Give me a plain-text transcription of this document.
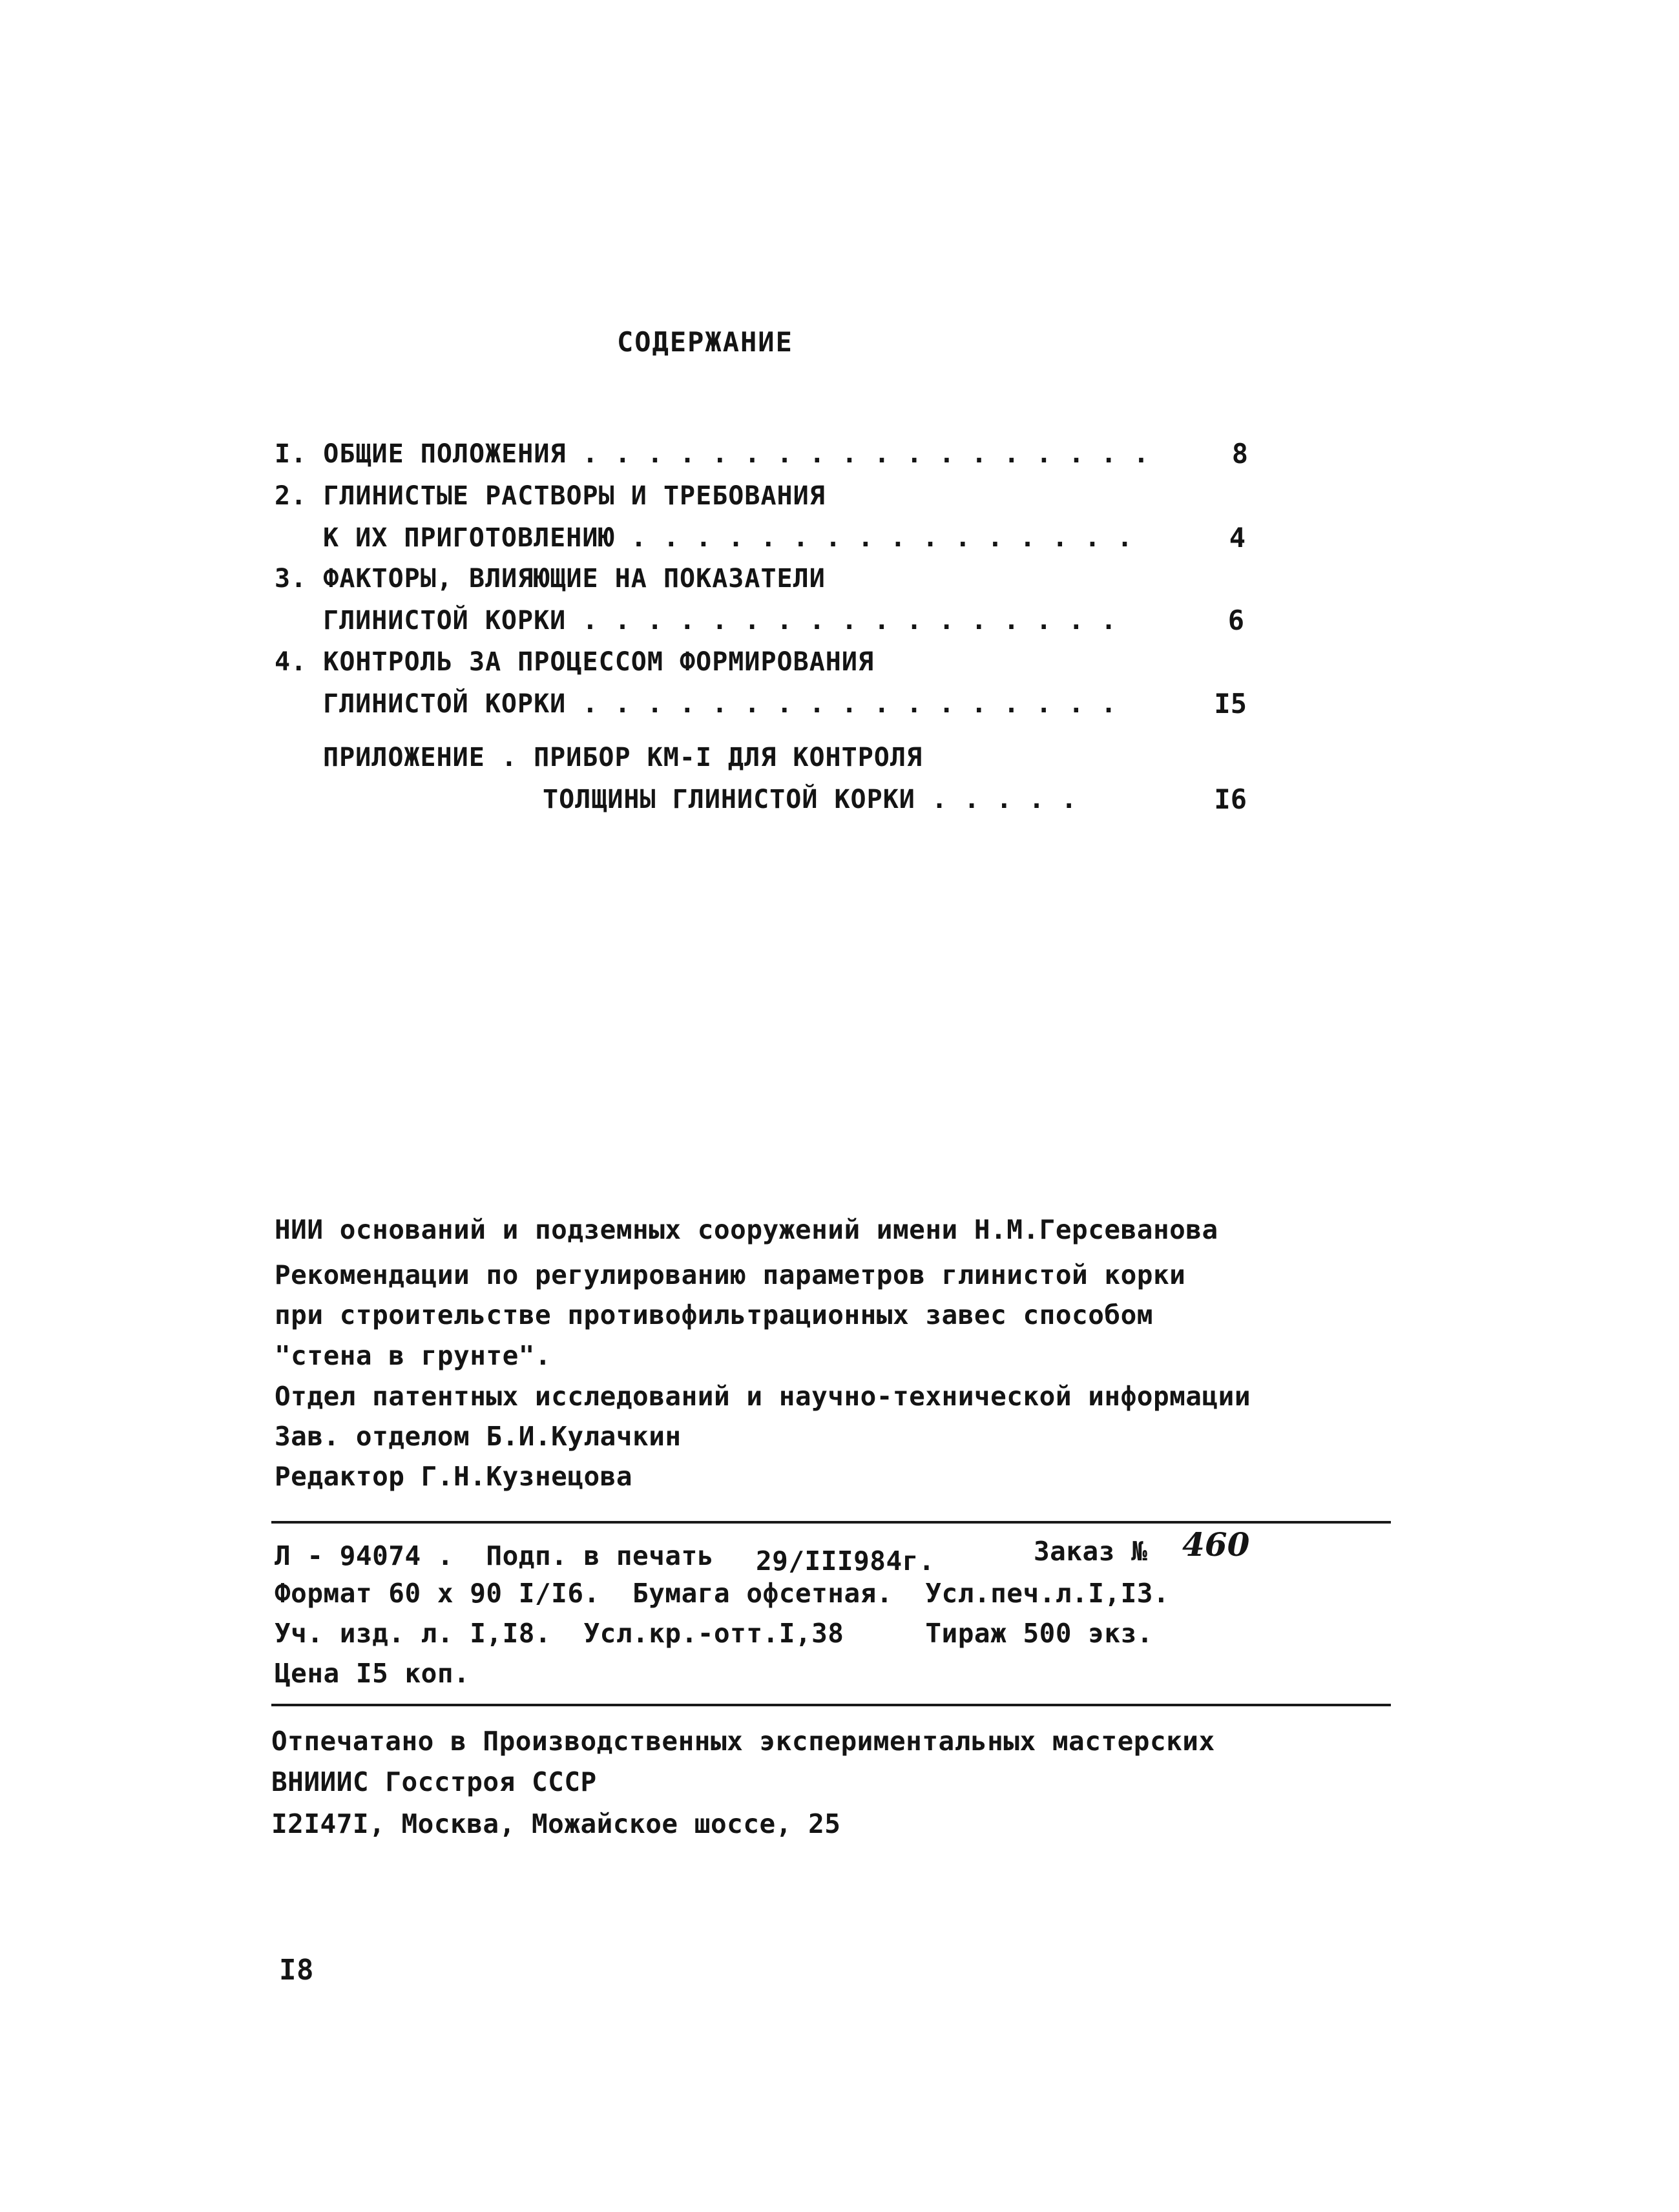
СОДЕРЖАНИЕ
I. ОБЩИЕ ПОЛОЖЕНИЯ . . . . . . . . . . . . . . . . . .	8
2. ГЛИНИСТЫЕ РАСТВОРЫ И ТРЕБОВАНИЯ
К ИХ ПРИГОТОВЛЕНИЮ . . . . . . . . . . . . . . . .	4
3. ФАКТОРЫ, ВЛИЯЮЩИЕ НА ПОКАЗАТЕЛИ
ГЛИНИСТОЙ КОРКИ . . . . . . . . . . . . . . . . .	6
4. КОНТРОЛЬ ЗА ПРОЦЕССОМ ФОРМИРОВАНИЯ
ГЛИНИСТОЙ КОРКИ . . . . . . . . . . . . . . . . .	I5
ПРИЛОЖЕНИЕ . ПРИБОР КМ-I ДЛЯ КОНТРОЛЯ
ТОЛЩИНЫ ГЛИНИСТОЙ КОРКИ . . . . .	I6
НИИ оснований и подземных сооружений имени Н.М.Герсеванова
Рекомендации по регулированию параметров глинистой корки
при строительстве противофильтрационных завес способом
"стена в грунте".
Отдел патентных исследований и научно-технической информации
Зав. отделом Б.И.Кулачкин
Редактор Г.Н.Кузнецова
Л - 94074 .  Подп. в печать 29/III984г.	Заказ № 460
Формат 60 х 90 I/I6.  Бумага офсетная.  Усл.печ.л.I,I3.
Уч. изд. л. I,I8.  Усл.кр.-отт.I,38     Тираж 500 экз.
Цена I5 коп.
Отпечатано в Производственных экспериментальных мастерских
ВНИИИС Госстроя СССР
I2I47I, Москва, Можайское шоссе, 25
I8
